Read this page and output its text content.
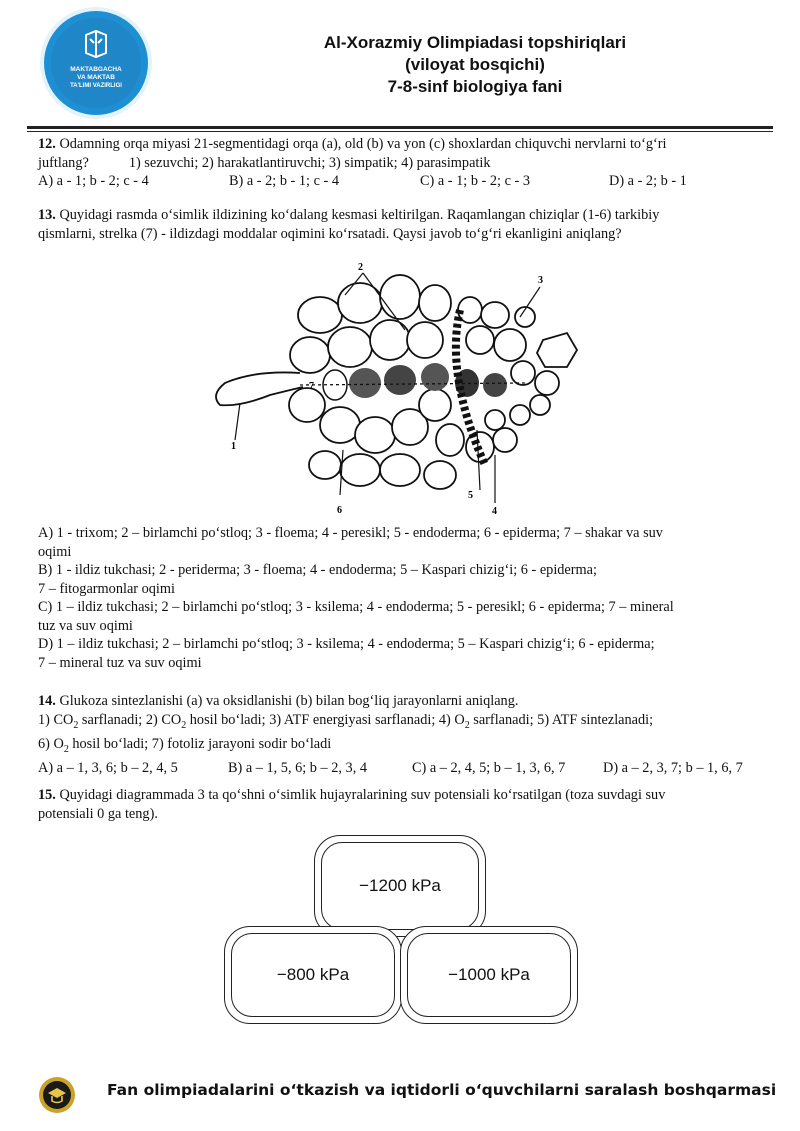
MAKTABGACHA
VA MAKTAB
TA'LIMI VAZIRLIGI
Al-Xorazmiy Olimpiadasi topshiriqlari
(viloyat bosqichi)
7-8-sinf biologiya fani

12. Odamning orqa miyasi 21-segmentidagi orqa (a), old (b) va yon (c) shoxlardan chiquvchi nervlarni to‘g‘ri

juftlang?	1) sezuvchi; 2) harakatlantiruvchi; 3) simpatik; 4) parasimpatik

A) a - 1; b - 2; c - 4	B) a - 2; b - 1; c - 4	C) a - 1; b - 2; c - 3	D) a - 2; b - 1

13. Quyidagi rasmda o‘simlik ildizining ko‘dalang kesmasi keltirilgan. Raqamlangan chiziqlar (1-6) tarkibiy

qismlarni, strelka (7) - ildizdagi moddalar oqimini ko‘rsatadi. Qaysi javob to‘g‘ri ekanligini aniqlang?

2
3
1
7
6
5
4

A) 1 - trixom; 2 – birlamchi po‘stloq; 3 - floema; 4 - peresikl; 5 - endoderma; 6 - epiderma; 7 – shakar va suv

oqimi

B) 1 - ildiz tukchasi; 2 - periderma; 3 - floema; 4 - endoderma; 5 – Kaspari chizig‘i; 6 - epiderma;

7 – fitogarmonlar oqimi

C) 1 – ildiz tukchasi; 2 – birlamchi po‘stloq; 3 - ksilema; 4 - endoderma; 5 - peresikl; 6 - epiderma; 7 – mineral

tuz va suv oqimi

D) 1 – ildiz tukchasi; 2 – birlamchi po‘stloq; 3 - ksilema; 4 - endoderma; 5 – Kaspari chizig‘i; 6 - epiderma;

7 – mineral tuz va suv oqimi

14. Glukoza sintezlanishi (a) va oksidlanishi (b) bilan bog‘liq jarayonlarni aniqlang.

1) $CO_2$ sarflanadi; 2) $CO_2$ hosil bo‘ladi; 3) ATF energiyasi sarflanadi; 4) $O_2$ sarflanadi; 5) ATF sintezlanadi;

6) $O_2$ hosil bo‘ladi; 7) fotoliz jarayoni sodir bo‘ladi

A) a – 1, 3, 6; b – 2, 4, 5	B) a – 1, 5, 6; b – 2, 3, 4	C) a – 2, 4, 5; b – 1, 3, 6, 7	D) a – 2, 3, 7; b – 1, 6, 7

15. Quyidagi diagrammada 3 ta qo‘shni o‘simlik hujayralarining suv potensiali ko‘rsatilgan (toza suvdagi suv

potensiali 0 ga teng).

−1200 kPa
−800 kPa	−1000 kPa
Fan olimpiadalarini o‘tkazish va iqtidorli o‘quvchilarni saralash boshqarmasi
